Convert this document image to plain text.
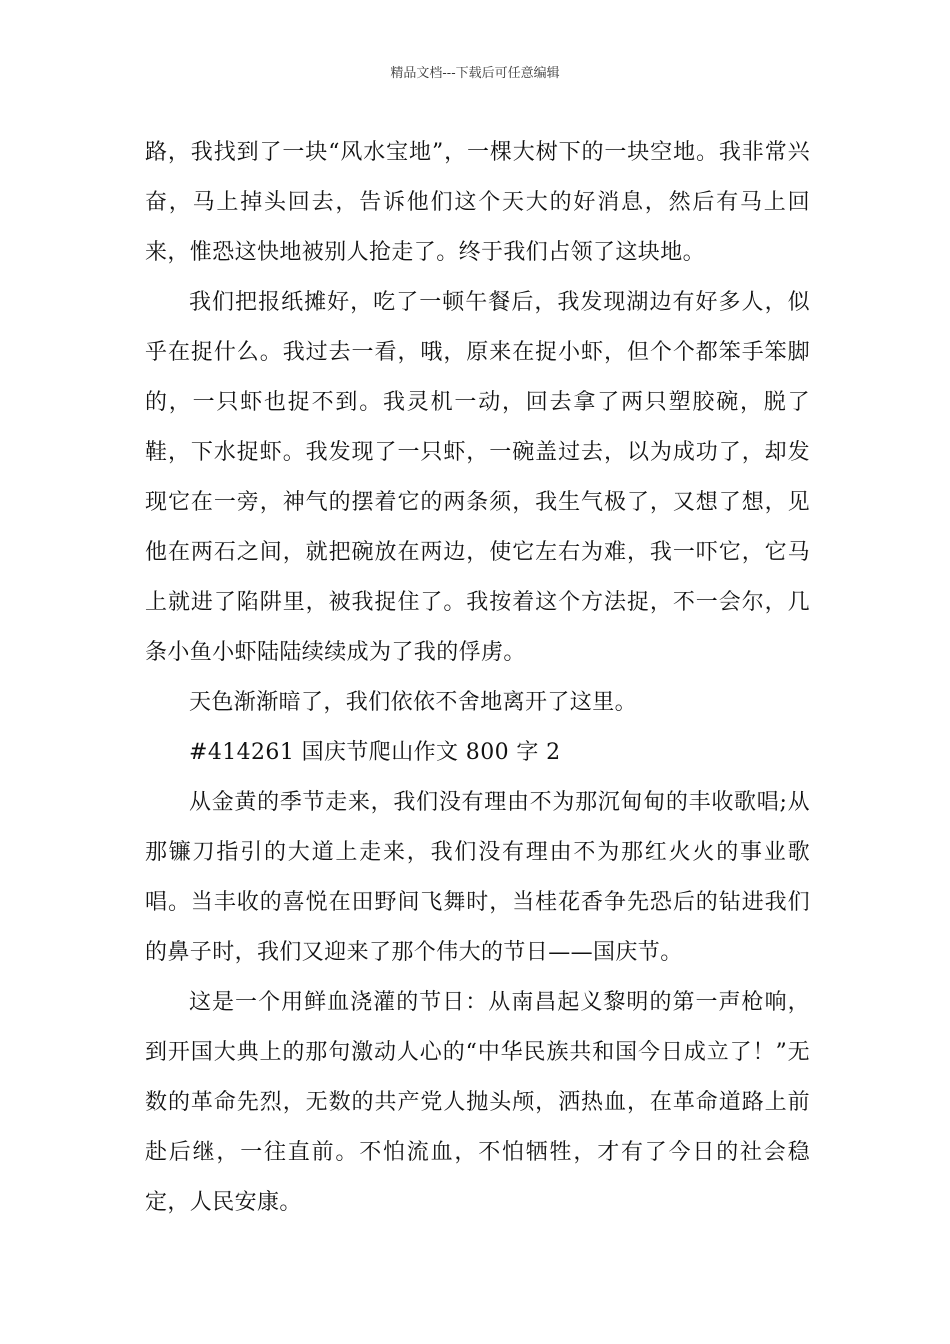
精品文档---下载后可任意编辑

路，我找到了一块“风水宝地”，一棵大树下的一块空地。我非常兴奋，马上掉头回去，告诉他们这个天大的好消息，然后有马上回来，惟恐这快地被别人抢走了。终于我们占领了这块地。

我们把报纸摊好，吃了一顿午餐后，我发现湖边有好多人，似乎在捉什么。我过去一看，哦，原来在捉小虾，但个个都笨手笨脚的，一只虾也捉不到。我灵机一动，回去拿了两只塑胶碗，脱了鞋，下水捉虾。我发现了一只虾，一碗盖过去，以为成功了，却发现它在一旁，神气的摆着它的两条须，我生气极了，又想了想，见他在两石之间，就把碗放在两边，使它左右为难，我一吓它，它马上就进了陷阱里，被我捉住了。我按着这个方法捉，不一会尔，几条小鱼小虾陆陆续续成为了我的俘虏。

天色渐渐暗了，我们依依不舍地离开了这里。

#414261 国庆节爬山作文 800 字 2

从金黄的季节走来，我们没有理由不为那沉甸甸的丰收歌唱;从那镰刀指引的大道上走来，我们没有理由不为那红火火的事业歌唱。当丰收的喜悦在田野间飞舞时，当桂花香争先恐后的钻进我们的鼻子时，我们又迎来了那个伟大的节日——国庆节。

这是一个用鲜血浇灌的节日：从南昌起义黎明的第一声枪响，到开国大典上的那句激动人心的“中华民族共和国今日成立了！”无数的革命先烈，无数的共产党人抛头颅，洒热血，在革命道路上前赴后继，一往直前。不怕流血，不怕牺牲，才有了今日的社会稳定，人民安康。
